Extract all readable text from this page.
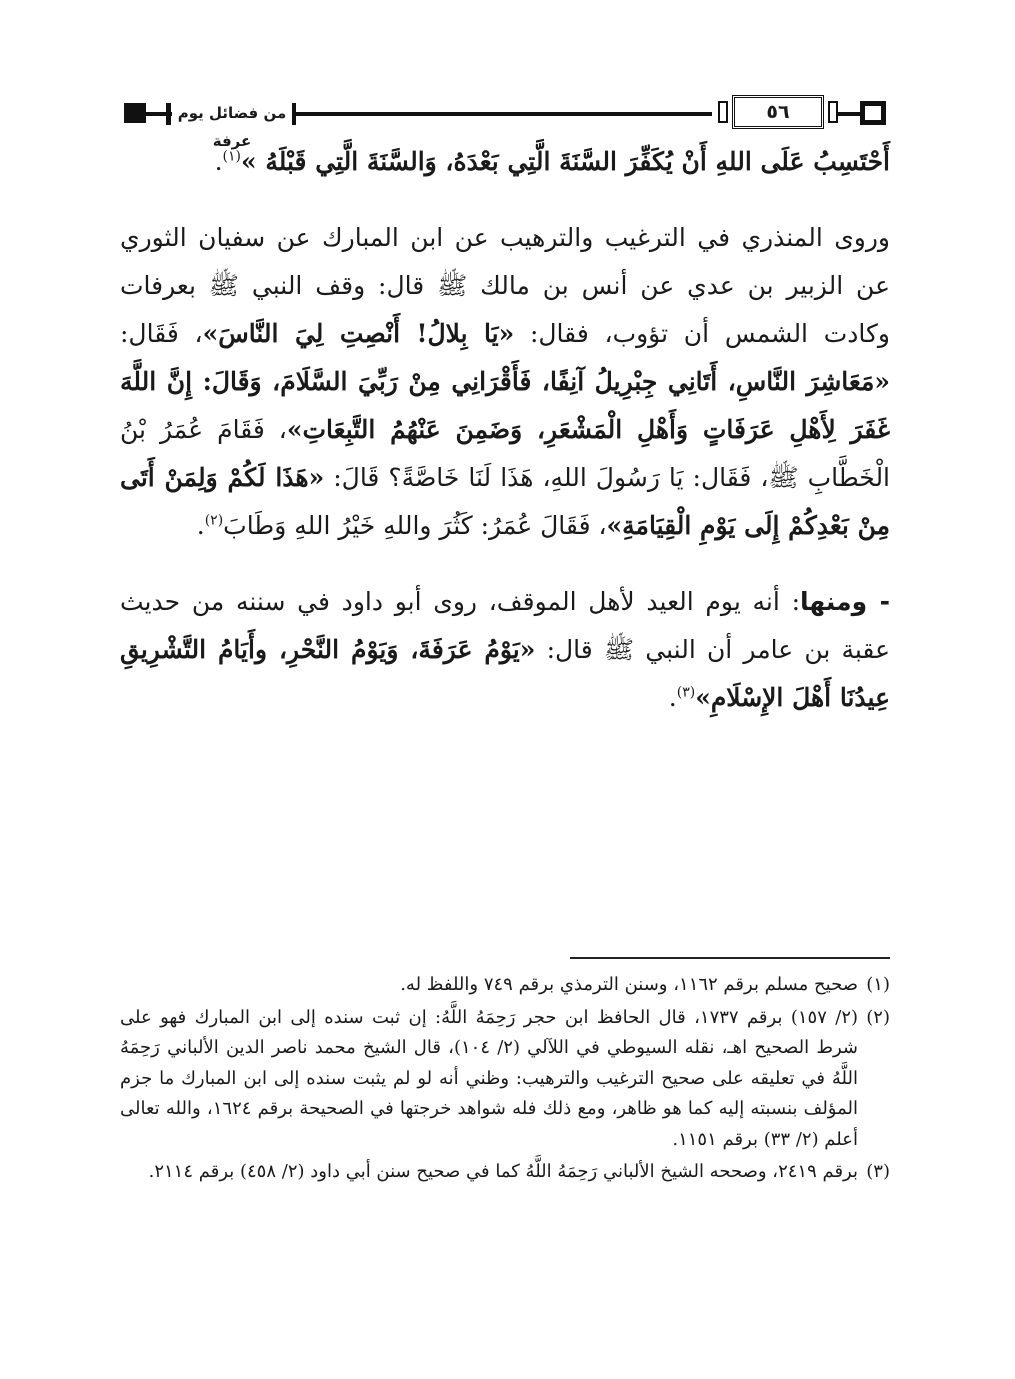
من فضائل يوم عرفة
٥٦

أَحْتَسِبُ عَلَى اللهِ أَنْ يُكَفِّرَ السَّنَةَ الَّتِي بَعْدَهُ، وَالسَّنَةَ الَّتِي قَبْلَهُ »$^{(١)}$.

وروى المنذري في الترغيب والترهيب عن ابن المبارك عن سفيان الثوري عن الزبير بن عدي عن أنس بن مالك ﷺ قال: وقف النبي ﷺ بعرفات وكادت الشمس أن تؤوب، فقال: «يَا بِلالُ! أَنْصِتِ لِيَ النَّاسَ»، فَقَال: «مَعَاشِرَ النَّاسِ، أَتَانِي جِبْرِيلُ آنِفًا، فَأَقْرَانِي مِنْ رَبِّيَ السَّلَامَ، وَقَالَ: إِنَّ اللَّهَ غَفَرَ لِأَهْلِ عَرَفَاتٍ وَأَهْلِ الْمَشْعَرِ، وَضَمِنَ عَنْهُمُ التَّبِعَاتِ»، فَقَامَ عُمَرُ بْنُ الْخَطَّابِ ﷺ، فَقَال: يَا رَسُولَ اللهِ، هَذَا لَنَا خَاصَّةً؟ قَالَ: «هَذَا لَكُمْ وَلِمَنْ أَتَى مِنْ بَعْدِكُمْ إِلَى يَوْمِ الْقِيَامَةِ»، فَقَالَ عُمَرُ: كَثُرَ واللهِ خَيْرُ اللهِ وَطَابَ$^{(٢)}$.

- ومنها: أنه يوم العيد لأهل الموقف، روى أبو داود في سننه من حديث عقبة بن عامر أن النبي ﷺ قال: «يَوْمُ عَرَفَةَ، وَيَوْمُ النَّحْرِ، وأَيَامُ التَّشْرِيقِ عِيدُنَا أَهْلَ الإِسْلَامِ»$^{(٣)}$.

(١)
صحيح مسلم برقم ١١٦٢، وسنن الترمذي برقم ٧٤٩ واللفظ له.

(٢)
(٢/ ١٥٧) برقم ١٧٣٧، قال الحافظ ابن حجر رَحِمَهُ اللَّهُ: إن ثبت سنده إلى ابن المبارك فهو على شرط الصحيح اهـ، نقله السيوطي في اللآلي (٢/ ١٠٤)، قال الشيخ محمد ناصر الدين الألباني رَحِمَهُ اللَّهُ في تعليقه على صحيح الترغيب والترهيب: وظني أنه لو لم يثبت سنده إلى ابن المبارك ما جزم المؤلف بنسبته إليه كما هو ظاهر، ومع ذلك فله شواهد خرجتها في الصحيحة برقم ١٦٢٤، والله تعالى أعلم (٢/ ٣٣) برقم ١١٥١.

(٣)
برقم ٢٤١٩، وصححه الشيخ الألباني رَحِمَهُ اللَّهُ كما في صحيح سنن أبي داود (٢/ ٤٥٨) برقم ٢١١٤.
